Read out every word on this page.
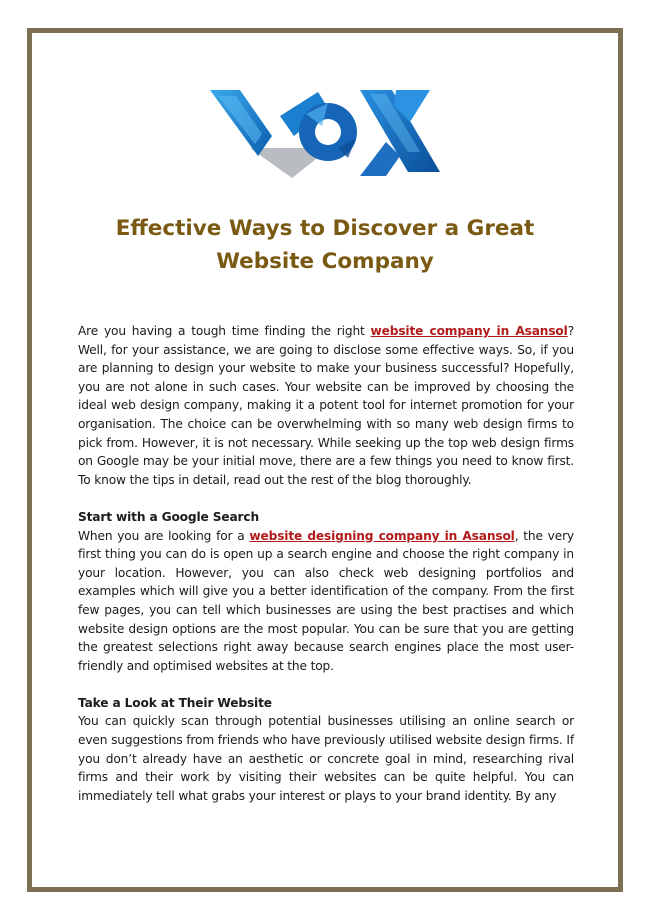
Effective Ways to Discover a Great
Website Company

Are you having a tough time finding the right website company in Asansol? Well, for your assistance, we are going to disclose some effective ways. So, if you are planning to design your website to make your business successful? Hopefully, you are not alone in such cases. Your website can be improved by choosing the ideal web design company, making it a potent tool for internet promotion for your organisation. The choice can be overwhelming with so many web design firms to pick from. However, it is not necessary. While seeking up the top web design firms on Google may be your initial move, there are a few things you need to know first. To know the tips in detail, read out the rest of the blog thoroughly.

Start with a Google Search

When you are looking for a website designing company in Asansol, the very first thing you can do is open up a search engine and choose the right company in your location. However, you can also check web designing portfolios and examples which will give you a better identification of the company. From the first few pages, you can tell which businesses are using the best practises and which website design options are the most popular. You can be sure that you are getting the greatest selections right away because search engines place the most user-friendly and optimised websites at the top.

Take a Look at Their Website

You can quickly scan through potential businesses utilising an online search or even suggestions from friends who have previously utilised website design firms. If you don’t already have an aesthetic or concrete goal in mind, researching rival firms and their work by visiting their websites can be quite helpful. You can immediately tell what grabs your interest or plays to your brand identity. By any
